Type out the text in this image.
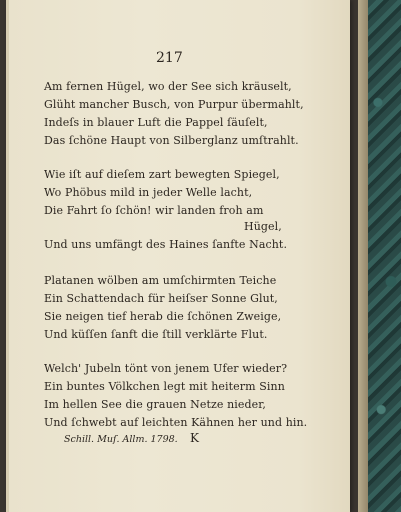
217
Am fernen Hügel, wo der See sich kräuselt,
Glüht mancher Busch, von Purpur übermahlt,
Indeſs in blauer Luft die Pappel ſäuſelt,
Das ſchöne Haupt von Silberglanz umſtrahlt.
Wie iſt auf dieſem zart bewegten Spiegel,
Wo Phöbus mild in jeder Welle lacht,
Die Fahrt ſo ſchön! wir landen froh am
Hügel,
Und uns umfängt des Haines ſanfte Nacht.
Platanen wölben am umſchirmten Teiche
Ein Schattendach für heiſser Sonne Glut,
Sie neigen tief herab die ſchönen Zweige,
Und küſſen ſanft die ſtill verklärte Flut.
Welch' Jubeln tönt von jenem Ufer wieder?
Ein buntes Völkchen legt mit heiterm Sinn
Im hellen See die grauen Netze nieder,
Und ſchwebt auf leichten Kähnen her und hin.
Schill. Muſ. Allm. 1798. K
